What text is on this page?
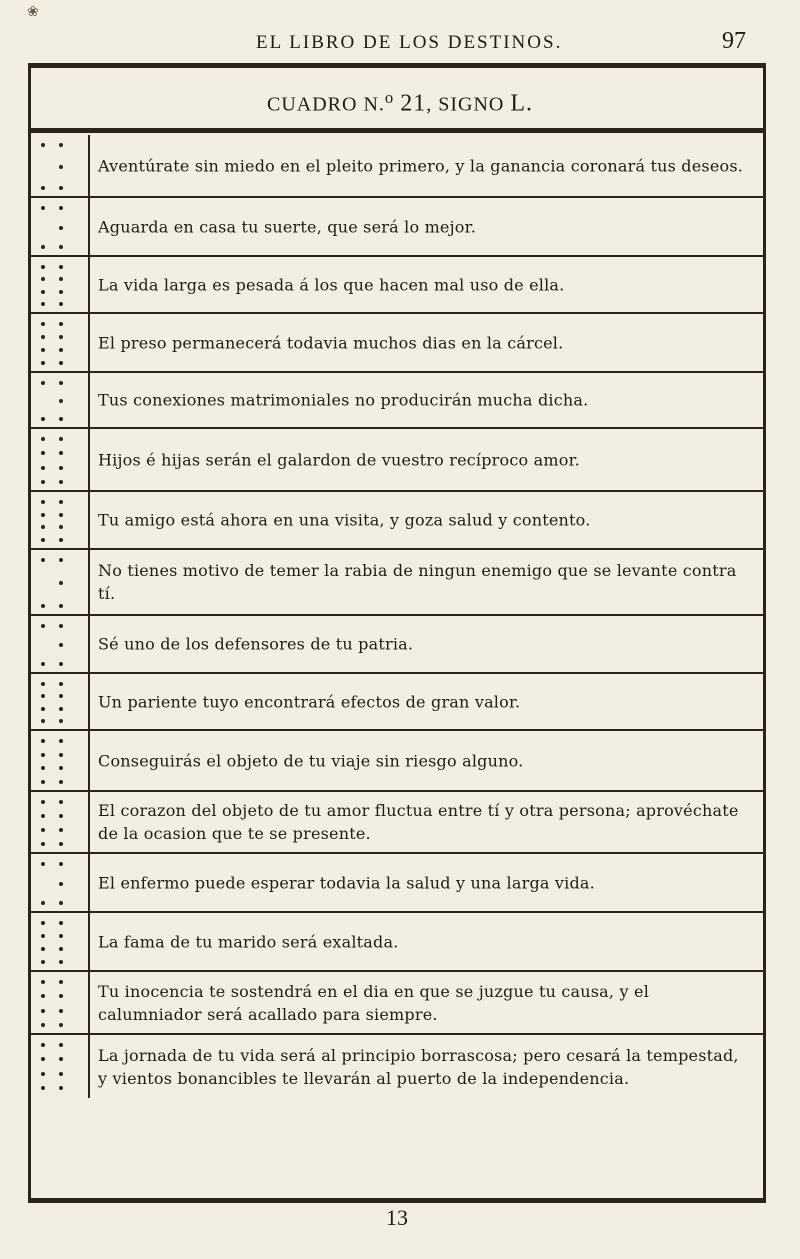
❀
EL LIBRO DE LOS DESTINOS.	97
CUADRO N.$^o$ 21, SIGNO L.
Aventúrate sin miedo en el pleito primero, y la ganancia coronará tus deseos.
Aguarda en casa tu suerte, que será lo mejor.
La vida larga es pesada á los que hacen mal uso de ella.
El preso permanecerá todavia muchos dias en la cárcel.
Tus conexiones matrimoniales no producirán mucha dicha.
Hijos é hijas serán el galardon de vuestro recíproco amor.
Tu amigo está ahora en una visita, y goza salud y contento.
No tienes motivo de temer la rabia de ningun enemigo que se levante contra tí.
Sé uno de los defensores de tu patria.
Un pariente tuyo encontrará efectos de gran valor.
Conseguirás el objeto de tu viaje sin riesgo alguno.
El corazon del objeto de tu amor fluctua entre tí y otra persona; aprovéchate de la ocasion que te se presente.
El enfermo puede esperar todavia la salud y una larga vida.
La fama de tu marido será exaltada.
Tu inocencia te sostendrá en el dia en que se juzgue tu causa, y el calumniador será acallado para siempre.
La jornada de tu vida será al principio borrascosa; pero cesará la tempestad, y vientos bonancibles te llevarán al puerto de la independencia.
13
